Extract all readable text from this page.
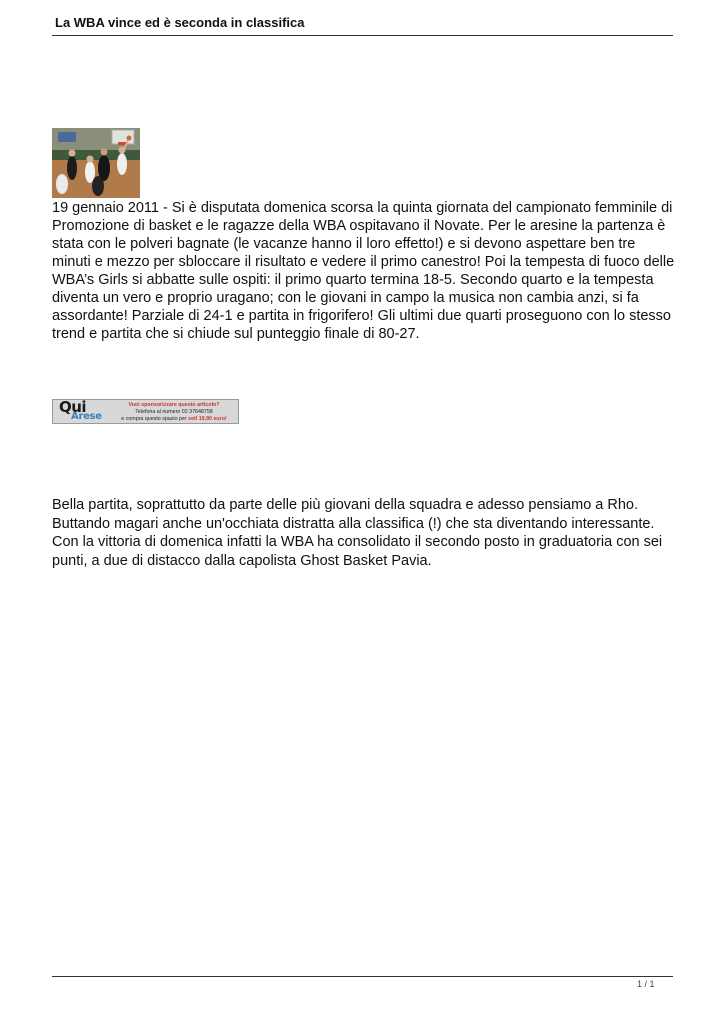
La WBA vince ed è seconda in classifica
19 gennaio 2011 - Si è disputata domenica scorsa la quinta giornata del campionato femminile di Promozione di basket e le ragazze della WBA ospitavano il Novate. Per le aresine la partenza è stata con le polveri bagnate (le vacanze hanno il loro effetto!) e si devono aspettare ben tre minuti e mezzo per sbloccare il risultato e vedere il primo canestro! Poi la tempesta di fuoco delle WBA’s Girls si abbatte sulle ospiti: il primo quarto termina 18-5. Secondo quarto e la tempesta diventa un vero e proprio uragano; con le giovani in campo la musica non cambia anzi, si fa assordante! Parziale di 24-1 e partita in frigorifero! Gli ultimi due quarti proseguono con lo stesso trend e partita che si chiude sul punteggio finale di 80-27.
Qui
Arese
Vuoi sponsorizzare questo articolo?
Telefona al numero 02 37648758
e compra questo spazio per soli 19,90 euro!
Bella partita, soprattutto da parte delle più giovani della squadra e adesso pensiamo a Rho. Buttando magari anche un'occhiata distratta alla classifica (!) che sta diventando interessante. Con la vittoria di domenica infatti la WBA ha consolidato il secondo posto in graduatoria con sei punti, a due di distacco dalla capolista Ghost Basket Pavia.
1 / 1
